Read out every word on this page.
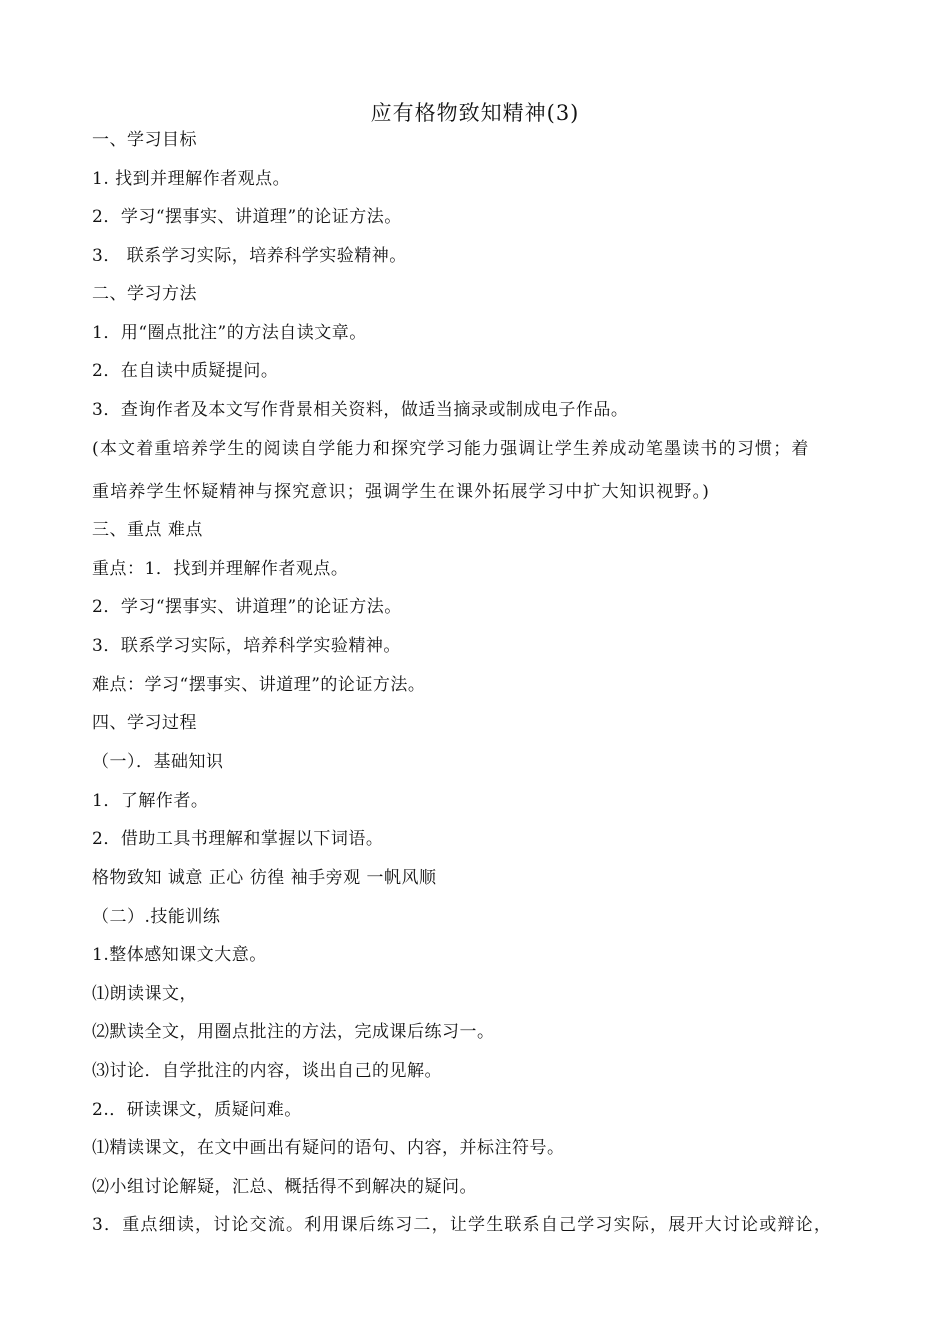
应有格物致知精神(3)
一、学习目标
1. 找到并理解作者观点。
2．学习“摆事实、讲道理”的论证方法。
3． 联系学习实际，培养科学实验精神。
二、学习方法
1．用“圈点批注”的方法自读文章。
2．在自读中质疑提问。
3．查询作者及本文写作背景相关资料，做适当摘录或制成电子作品。
(本文着重培养学生的阅读自学能力和探究学习能力强调让学生养成动笔墨读书的习惯；着
重培养学生怀疑精神与探究意识；强调学生在课外拓展学习中扩大知识视野。)
三、重点 难点
重点：1．找到并理解作者观点。
2．学习“摆事实、讲道理”的论证方法。
3．联系学习实际，培养科学实验精神。
难点：学习“摆事实、讲道理”的论证方法。
四、学习过程
（一）．基础知识
1．了解作者。
2．借助工具书理解和掌握以下词语。
格物致知 诚意 正心 彷徨 袖手旁观 一帆风顺
（二）.技能训练
1.整体感知课文大意。
⑴朗读课文，
⑵默读全文，用圈点批注的方法，完成课后练习一。
⑶讨论．自学批注的内容，谈出自己的见解。
2.．研读课文，质疑问难。
⑴精读课文，在文中画出有疑问的语句、内容，并标注符号。
⑵小组讨论解疑，汇总、概括得不到解决的疑问。
3．重点细读，讨论交流。利用课后练习二，让学生联系自己学习实际，展开大讨论或辩论，
